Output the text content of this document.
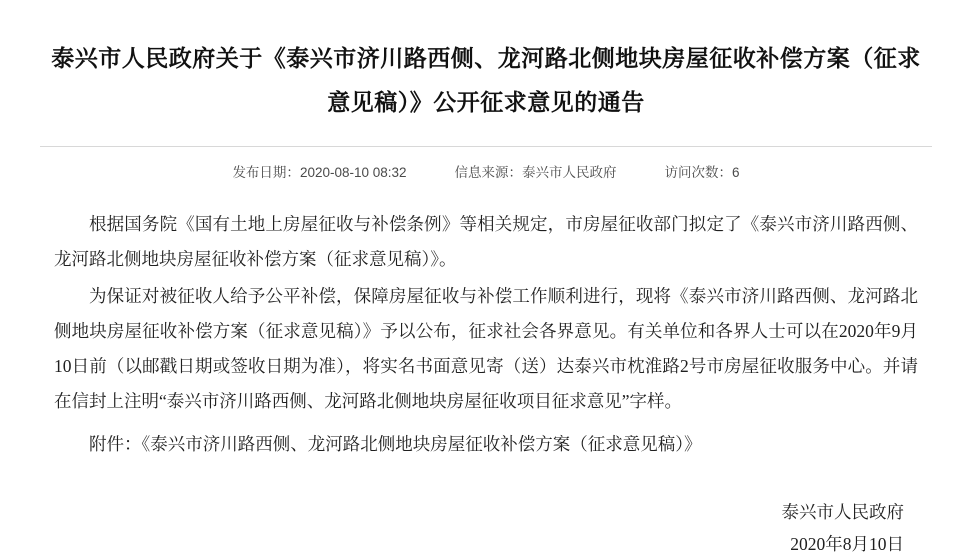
泰兴市人民政府关于《泰兴市济川路西侧、龙河路北侧地块房屋征收补偿方案（征求意见稿）》公开征求意见的通告
发布日期：2020-08-10 08:32	信息来源：泰兴市人民政府	访问次数：6

根据国务院《国有土地上房屋征收与补偿条例》等相关规定，市房屋征收部门拟定了《泰兴市济川路西侧、龙河路北侧地块房屋征收补偿方案（征求意见稿）》。

为保证对被征收人给予公平补偿，保障房屋征收与补偿工作顺利进行，现将《泰兴市济川路西侧、龙河路北侧地块房屋征收补偿方案（征求意见稿）》予以公布，征求社会各界意见。有关单位和各界人士可以在2020年9月10日前（以邮戳日期或签收日期为准），将实名书面意见寄（送）达泰兴市枕淮路2号市房屋征收服务中心。并请在信封上注明“泰兴市济川路西侧、龙河路北侧地块房屋征收项目征求意见”字样。

附件：《泰兴市济川路西侧、龙河路北侧地块房屋征收补偿方案（征求意见稿）》
泰兴市人民政府
2020年8月10日
